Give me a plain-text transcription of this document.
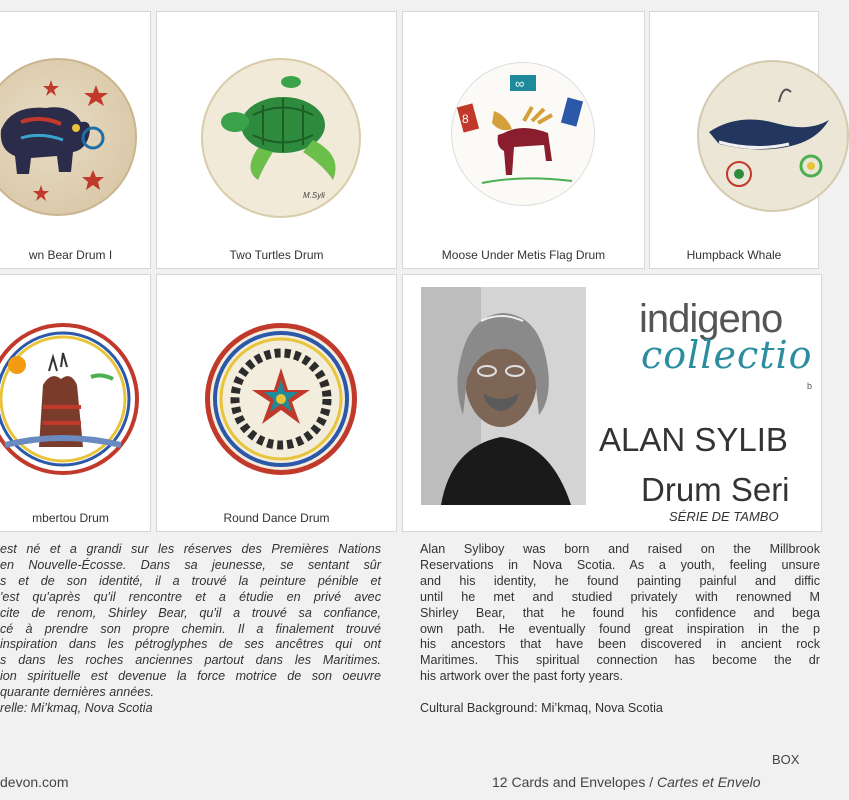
wn Bear Drum I
M.Syli
Two Turtles Drum
8
∞
Moose Under Metis Flag Drum	Humpback Whale
mbertou Drum	Round Dance Drum
indigeno
collectio
b
ALAN SYLIB
Drum Seri
SÉRIE DE TAMBO
est né et a grandi sur les réserves des Premières Nations
en Nouvelle-Écosse. Dans sa jeunesse, se sentant sûr
s et de son identité, il a trouvé la peinture pénible et
'est qu'après qu'il rencontre et a étudie en privé avec
cite de renom, Shirley Bear, qu'il a trouvé sa confiance,
cé à prendre son propre chemin. Il a finalement trouvé
inspiration dans les pétroglyphes de ses ancêtres qui ont
s dans les roches anciennes partout dans les Maritimes.
ion spirituelle est devenue la force motrice de son oeuvre
quarante dernières années.
relle: Mi’kmaq, Nova Scotia
Alan Syliboy was born and raised on the Millbrook
Reservations in Nova Scotia. As a youth, feeling unsure
and his identity, he found painting painful and diffic
until he met and studied privately with renowned M
Shirley Bear, that he found his confidence and bega
own path. He eventually found great inspiration in the p
his ancestors that have been discovered in ancient rock
Maritimes. This spiritual connection has become the dr
his artwork over the past forty years.
Cultural Background: Mi’kmaq, Nova Scotia
devon.com
BOX
12 Cards and Envelopes / Cartes et Envelo
